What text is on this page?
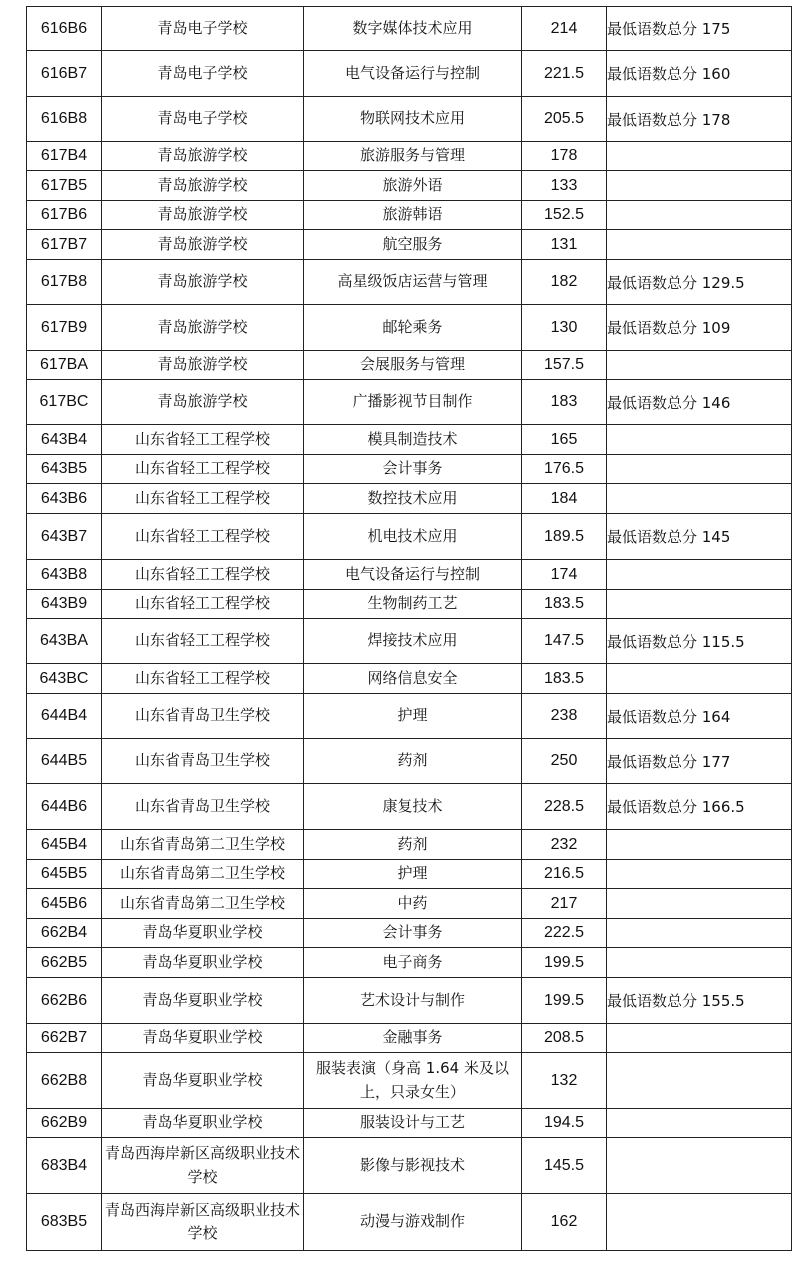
616B6	青岛电子学校	数字媒体技术应用	214	最低语数总分 175
616B7	青岛电子学校	电气设备运行与控制	221.5	最低语数总分 160
616B8	青岛电子学校	物联网技术应用	205.5	最低语数总分 178
617B4	青岛旅游学校	旅游服务与管理	178	
617B5	青岛旅游学校	旅游外语	133	
617B6	青岛旅游学校	旅游韩语	152.5	
617B7	青岛旅游学校	航空服务	131	
617B8	青岛旅游学校	高星级饭店运营与管理	182	最低语数总分 129.5
617B9	青岛旅游学校	邮轮乘务	130	最低语数总分 109
617BA	青岛旅游学校	会展服务与管理	157.5	
617BC	青岛旅游学校	广播影视节目制作	183	最低语数总分 146
643B4	山东省轻工工程学校	模具制造技术	165	
643B5	山东省轻工工程学校	会计事务	176.5	
643B6	山东省轻工工程学校	数控技术应用	184	
643B7	山东省轻工工程学校	机电技术应用	189.5	最低语数总分 145
643B8	山东省轻工工程学校	电气设备运行与控制	174	
643B9	山东省轻工工程学校	生物制药工艺	183.5	
643BA	山东省轻工工程学校	焊接技术应用	147.5	最低语数总分 115.5
643BC	山东省轻工工程学校	网络信息安全	183.5	
644B4	山东省青岛卫生学校	护理	238	最低语数总分 164
644B5	山东省青岛卫生学校	药剂	250	最低语数总分 177
644B6	山东省青岛卫生学校	康复技术	228.5	最低语数总分 166.5
645B4	山东省青岛第二卫生学校	药剂	232	
645B5	山东省青岛第二卫生学校	护理	216.5	
645B6	山东省青岛第二卫生学校	中药	217	
662B4	青岛华夏职业学校	会计事务	222.5	
662B5	青岛华夏职业学校	电子商务	199.5	
662B6	青岛华夏职业学校	艺术设计与制作	199.5	最低语数总分 155.5
662B7	青岛华夏职业学校	金融事务	208.5	
662B8	青岛华夏职业学校	服装表演（身高 1.64 米及以上，只录女生）	132	
662B9	青岛华夏职业学校	服装设计与工艺	194.5	
683B4	青岛西海岸新区高级职业技术学校	影像与影视技术	145.5	
683B5	青岛西海岸新区高级职业技术学校	动漫与游戏制作	162	
